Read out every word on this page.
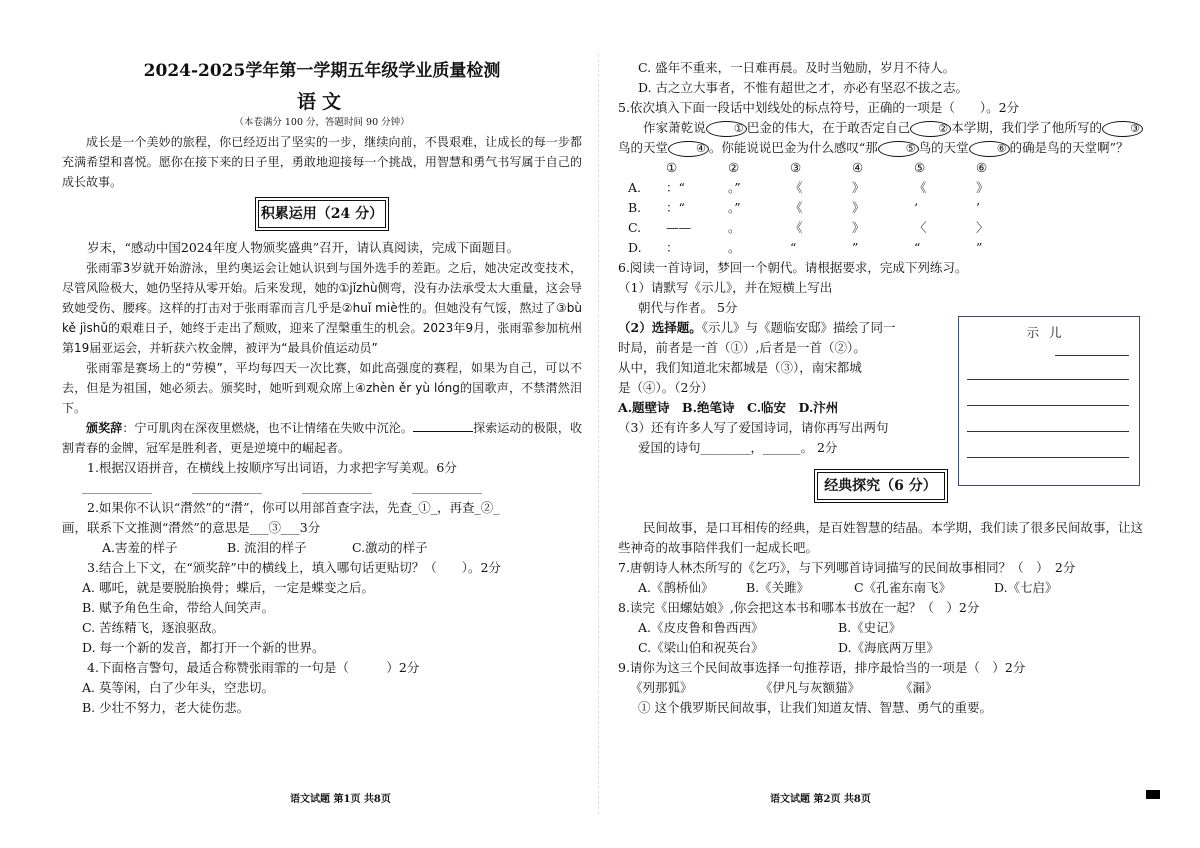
2024-2025学年第一学期五年级学业质量检测
语文
（本卷满分 100 分，答题时间 90 分钟）

成长是一个美妙的旅程，你已经迈出了坚实的一步，继续向前，不畏艰难，让成长的每一步都充满希望和喜悦。愿你在接下来的日子里，勇敢地迎接每一个挑战，用智慧和勇气书写属于自己的成长故事。

积累运用（24 分）

岁末，“感动中国2024年度人物颁奖盛典”召开，请认真阅读，完成下面题目。

张雨霏3岁就开始游泳，里约奥运会让她认识到与国外选手的差距。之后，她决定改变技术，尽管风险极大，她仍坚持从零开始。后来发现，她的①jǐzhù侧弯，没有办法承受太大重量，这会导致她受伤、腰疼。这样的打击对于张雨霏而言几乎是②huǐ miè性的。但她没有气馁，熬过了③bù kě jìshǔ的艰难日子，她终于走出了颓败，迎来了涅槃重生的机会。2023年9月，张雨霏参加杭州第19届亚运会，并斩获六枚金牌，被评为“最具价值运动员”

张雨霏是赛场上的“劳模”，平均每四天一次比赛，如此高强度的赛程，如果为自己，可以不去，但是为祖国，她必须去。颁奖时，她听到观众席上④zhèn ěr yù lóng的国歌声，不禁潸然泪下。

颁奖辞：宁可肌肉在深夜里燃烧，也不让情绪在失败中沉沦。	探索运动的极限，收割青春的金牌，冠军是胜利者，更是逆境中的崛起者。

1.根据汉语拼音，在横线上按顺序写出词语，力求把字写美观。6分

2.如果你不认识“潸然”的“潸”，你可以用部首查字法，先查_①_，再查_②_

画，联系下文推测“潸然”的意思是___③___3分

A.害羞的样子	B. 流泪的样子	C.激动的样子

3.结合上下文，在“颁奖辞”中的横线上，填入哪句话更贴切？（　　）。2分

A. 哪吒，就是要脱胎换骨；蝶后，一定是蝶变之后。

B. 赋予角色生命，带给人间笑声。

C. 苦练精飞，逐浪驱敌。

D. 每一个新的发音，都打开一个新的世界。

4.下面格言警句，最适合称赞张雨霏的一句是（　　　）2分

A. 莫等闲，白了少年头，空悲切。

B. 少壮不努力，老大徒伤悲。

语文试题 第1页 共8页

C. 盛年不重来，一日难再晨。及时当勉励，岁月不待人。

D. 古之立大事者，不惟有超世之才，亦必有坚忍不拔之志。

5.依次填入下面一段话中划线处的标点符号，正确的一项是（　　）。2分

作家萧乾说	① 巴金的伟大，在于敢否定自己	② 本学期，我们学了他所写的	③鸟的天堂	④ 。你能说说巴金为什么感叹“那	⑤ 鸟的天堂	⑥ 的确是鸟的天堂啊”？

	①	②	③	④	⑤	⑥
A.	：“	。”	《	》	《	》
B.	：“	。”	《	》	‘	’
C.	——	。	《	》	〈	〉
D.	：	。	“	”	“	”

6.阅读一首诗词，梦回一个朝代。请根据要求，完成下列练习。

（1）请默写《示儿》，并在短横上写出

朝代与作者。 5分

（2）选择题。《示儿》与《题临安邸》描绘了同一

时局，前者是一首（①）,后者是一首（②）。

从中，我们知道北宋都城是（③），南宋都城

是（④）。（2分）

A.题壁诗　B.绝笔诗　C.临安　D.汴州

（3）还有许多人写了爱国诗词，请你再写出两句

爱国的诗句________，______。 2分

示儿
经典探究（6 分）

民间故事，是口耳相传的经典，是百姓智慧的结晶。本学期，我们读了很多民间故事，让这些神奇的故事陪伴我们一起成长吧。

7.唐朝诗人林杰所写的《乞巧》，与下列哪首诗词描写的民间故事相同？（　）　2分

A.《鹊桥仙》	B.《关雎》	C《孔雀东南飞》	D.《七启》

8.读完《田螺姑娘》,你会把这本书和哪本书放在一起？（　）2分

A.《皮皮鲁和鲁西西》	B.《史记》
C.《梁山伯和祝英台》	D.《海底两万里》

9.请你为这三个民间故事选择一句推荐语，排序最恰当的一项是（　）2分

《列那狐》	《伊凡与灰额猫》	《漏》

① 这个俄罗斯民间故事，让我们知道友情、智慧、勇气的重要。

语文试题 第2页 共8页
